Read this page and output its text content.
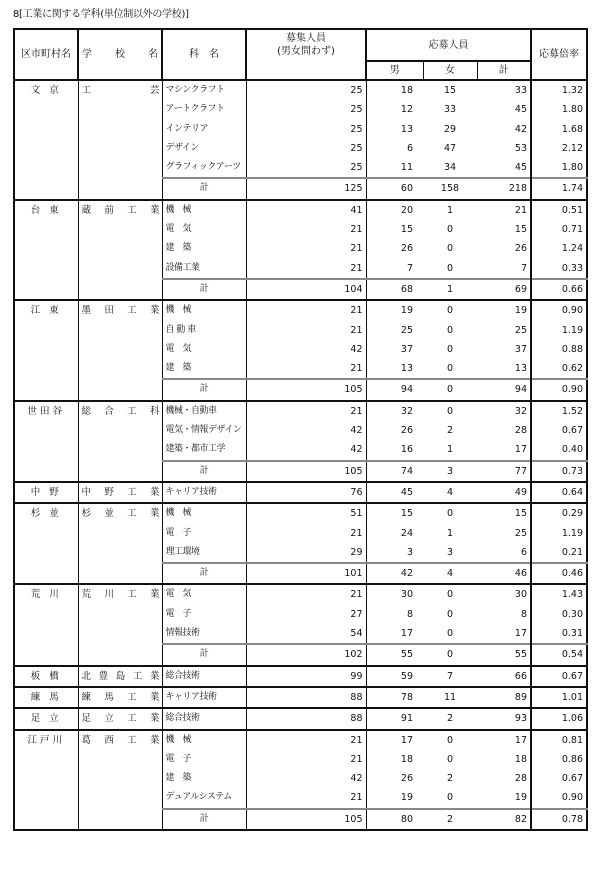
8[工業に関する学科(単位制以外の学校)]
区市町村名	学　校　名	科　名	募集人員
(男女問わず)	応募人員			応募倍率
				男	女	計	
文 京	工芸	マシンクラフト	25	18	15	33	1.32
		アートクラフト	25	12	33	45	1.80
		インテリア	25	13	29	42	1.68
		デザイン	25	6	47	53	2.12
		グラフィックアーツ	25	11	34	45	1.80
		計	125	60	158	218	1.74
台 東	蔵前工業	機　械	41	20	1	21	0.51
		電　気	21	15	0	15	0.71
		建　築	21	26	0	26	1.24
		設備工業	21	7	0	7	0.33
		計	104	68	1	69	0.66
江 東	墨田工業	機　械	21	19	0	19	0.90
		自 動 車	21	25	0	25	1.19
		電　気	42	37	0	37	0.88
		建　築	21	13	0	13	0.62
		計	105	94	0	94	0.90
世田谷	総合工科	機械・自動車	21	32	0	32	1.52
		電気・情報デザイン	42	26	2	28	0.67
		建築・都市工学	42	16	1	17	0.40
		計	105	74	3	77	0.73
中 野	中野工業	キャリア技術	76	45	4	49	0.64
杉 並	杉並工業	機　械	51	15	0	15	0.29
		電　子	21	24	1	25	1.19
		理工環境	29	3	3	6	0.21
		計	101	42	4	46	0.46
荒 川	荒川工業	電　気	21	30	0	30	1.43
		電　子	27	8	0	8	0.30
		情報技術	54	17	0	17	0.31
		計	102	55	0	55	0.54
板 橋	北豊島工業	総合技術	99	59	7	66	0.67
練 馬	練馬工業	キャリア技術	88	78	11	89	1.01
足 立	足立工業	総合技術	88	91	2	93	1.06
江戸川	葛西工業	機　械	21	17	0	17	0.81
		電　子	21	18	0	18	0.86
		建　築	42	26	2	28	0.67
		デュアルシステム	21	19	0	19	0.90
		計	105	80	2	82	0.78
